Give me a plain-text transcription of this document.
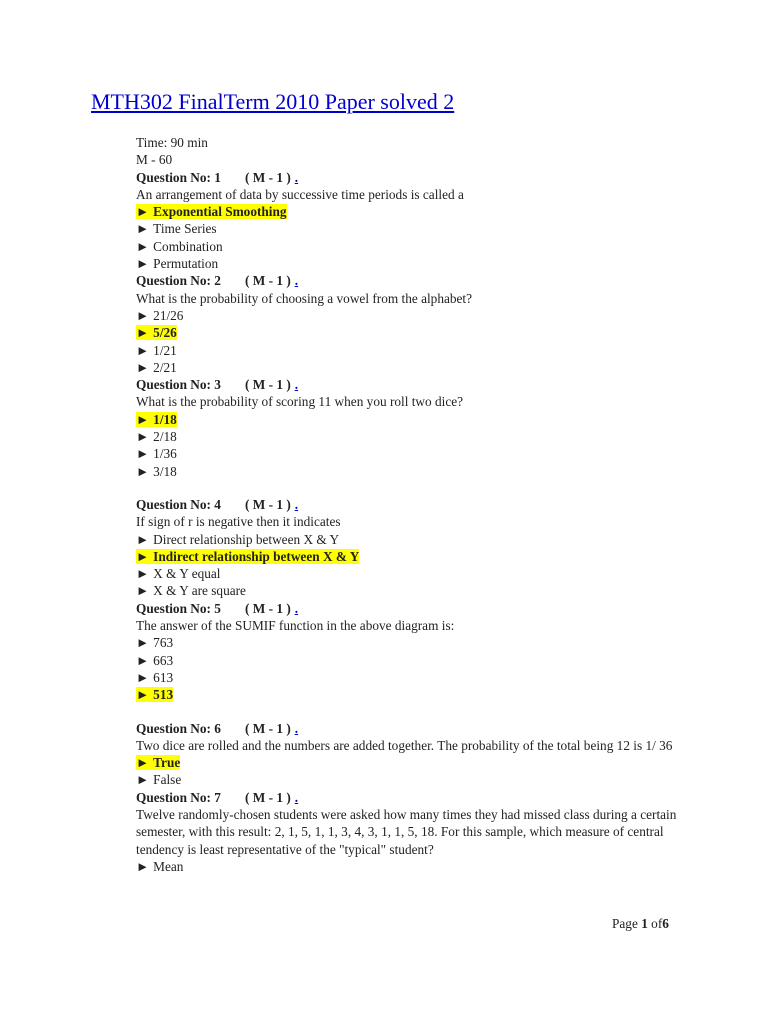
MTH302 FinalTerm 2010 Paper solved 2
Time: 90 min
M - 60
Question No: 1 ( M - 1 ) .
An arrangement of data by successive time periods is called a
► Exponential Smoothing
► Time Series
► Combination
► Permutation
Question No: 2 ( M - 1 ) .
What is the probability of choosing a vowel from the alphabet?
► 21/26
► 5/26
► 1/21
► 2/21
Question No: 3 ( M - 1 ) .
What is the probability of scoring 11 when you roll two dice?
► 1/18
► 2/18
► 1/36
► 3/18
Question No: 4 ( M - 1 ) .
If sign of r is negative then it indicates
► Direct relationship between X & Y
► Indirect relationship between X & Y
► X & Y equal
► X & Y are square
Question No: 5 ( M - 1 ) .
The answer of the SUMIF function in the above diagram is:
► 763
► 663
► 613
► 513
Question No: 6 ( M - 1 ) .
Two dice are rolled and the numbers are added together. The probability of the total being 12 is 1/ 36
► True
► False
Question No: 7 ( M - 1 ) .
Twelve randomly-chosen students were asked how many times they had missed class during a certain semester, with this result: 2, 1, 5, 1, 1, 3, 4, 3, 1, 1, 5, 18. For this sample, which measure of central tendency is least representative of the "typical" student?
► Mean
Page 1 of6
